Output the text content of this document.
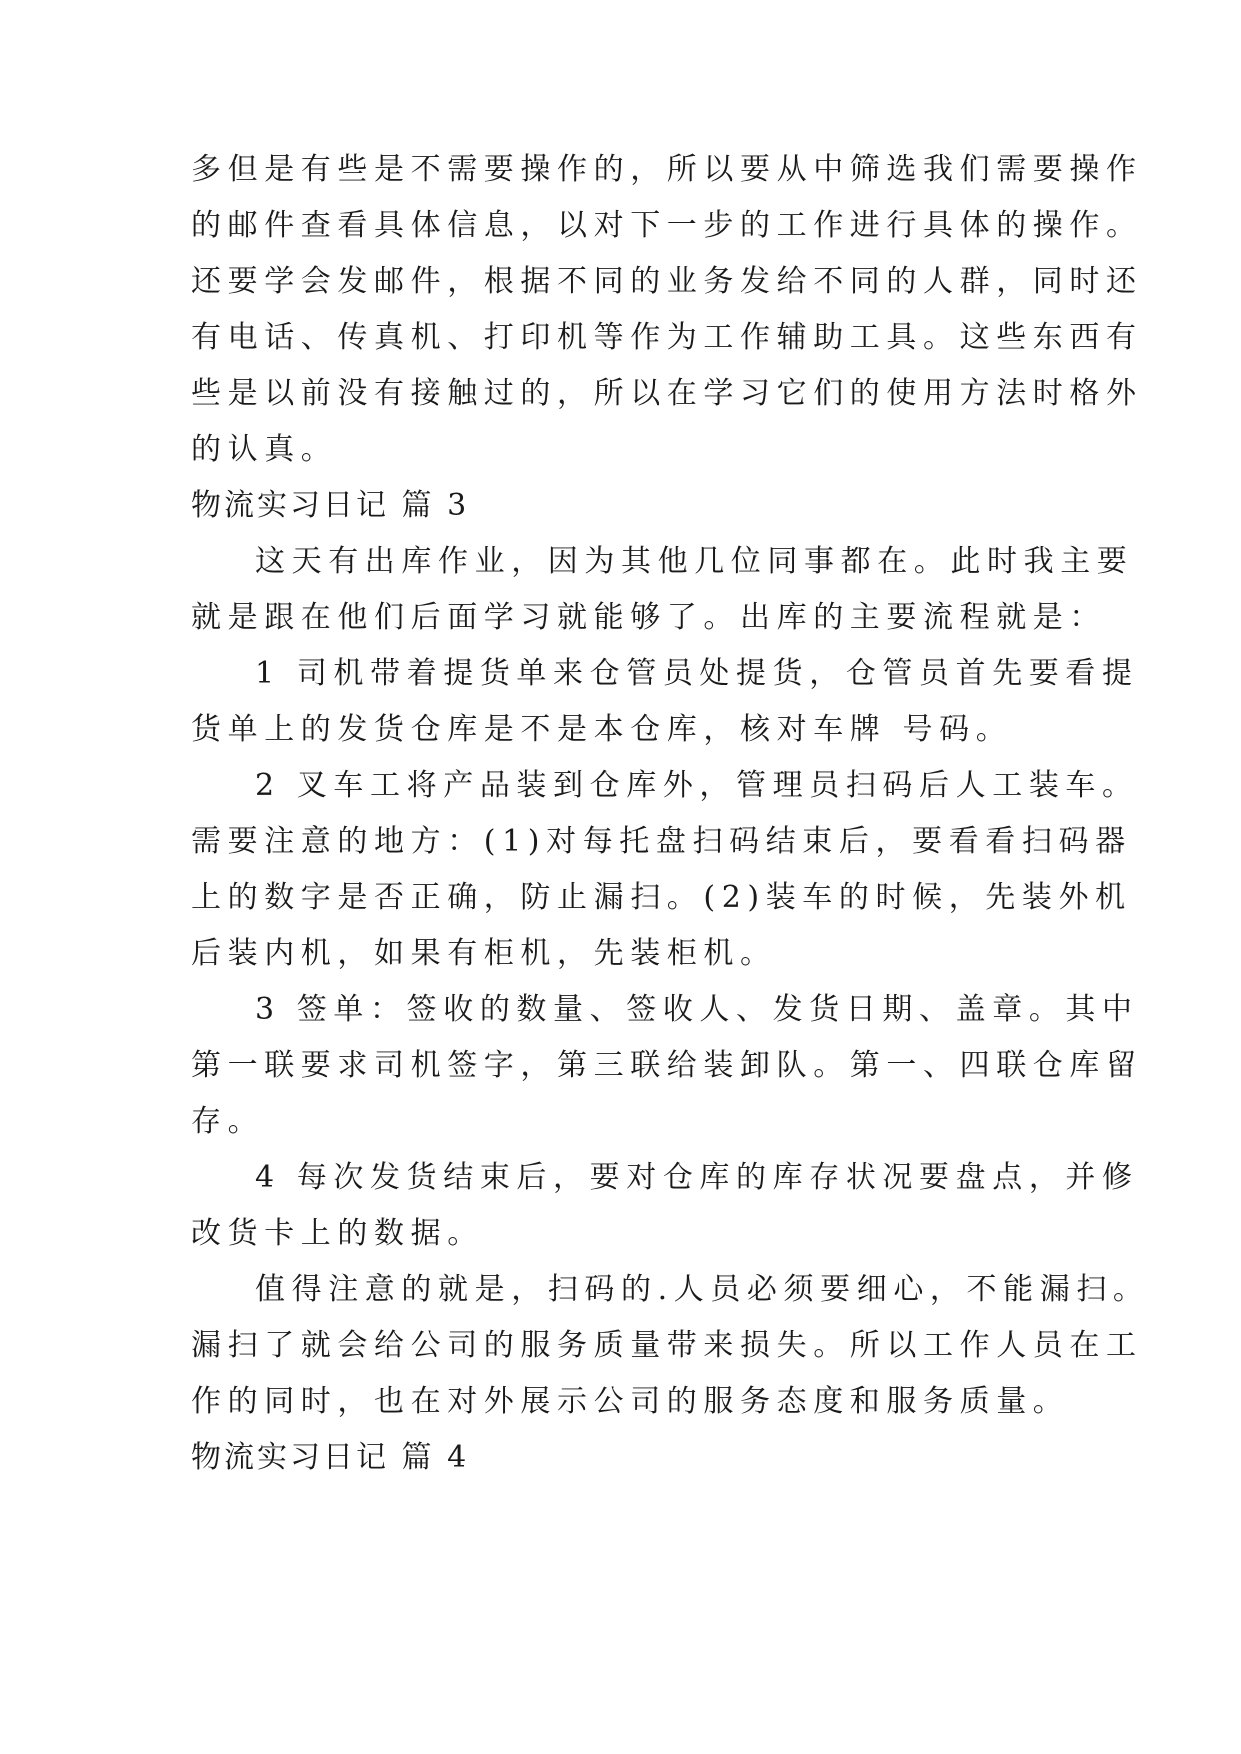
多但是有些是不需要操作的，所以要从中筛选我们需要操作
的邮件查看具体信息，以对下一步的工作进行具体的操作。
还要学会发邮件，根据不同的业务发给不同的人群，同时还
有电话、传真机、打印机等作为工作辅助工具。这些东西有
些是以前没有接触过的，所以在学习它们的使用方法时格外
的认真。
物流实习日记 篇 3
这天有出库作业，因为其他几位同事都在。此时我主要
就是跟在他们后面学习就能够了。出库的主要流程就是：
1 司机带着提货单来仓管员处提货，仓管员首先要看提
货单上的发货仓库是不是本仓库，核对车牌 号码。
2 叉车工将产品装到仓库外，管理员扫码后人工装车。
需要注意的地方：(1)对每托盘扫码结束后，要看看扫码器
上的数字是否正确，防止漏扫。(2)装车的时候，先装外机
后装内机，如果有柜机，先装柜机。
3 签单：签收的数量、签收人、发货日期、盖章。其中
第一联要求司机签字，第三联给装卸队。第一、四联仓库留
存。
4 每次发货结束后，要对仓库的库存状况要盘点，并修
改货卡上的数据。
值得注意的就是，扫码的.人员必须要细心，不能漏扫。
漏扫了就会给公司的服务质量带来损失。所以工作人员在工
作的同时，也在对外展示公司的服务态度和服务质量。
物流实习日记 篇 4
